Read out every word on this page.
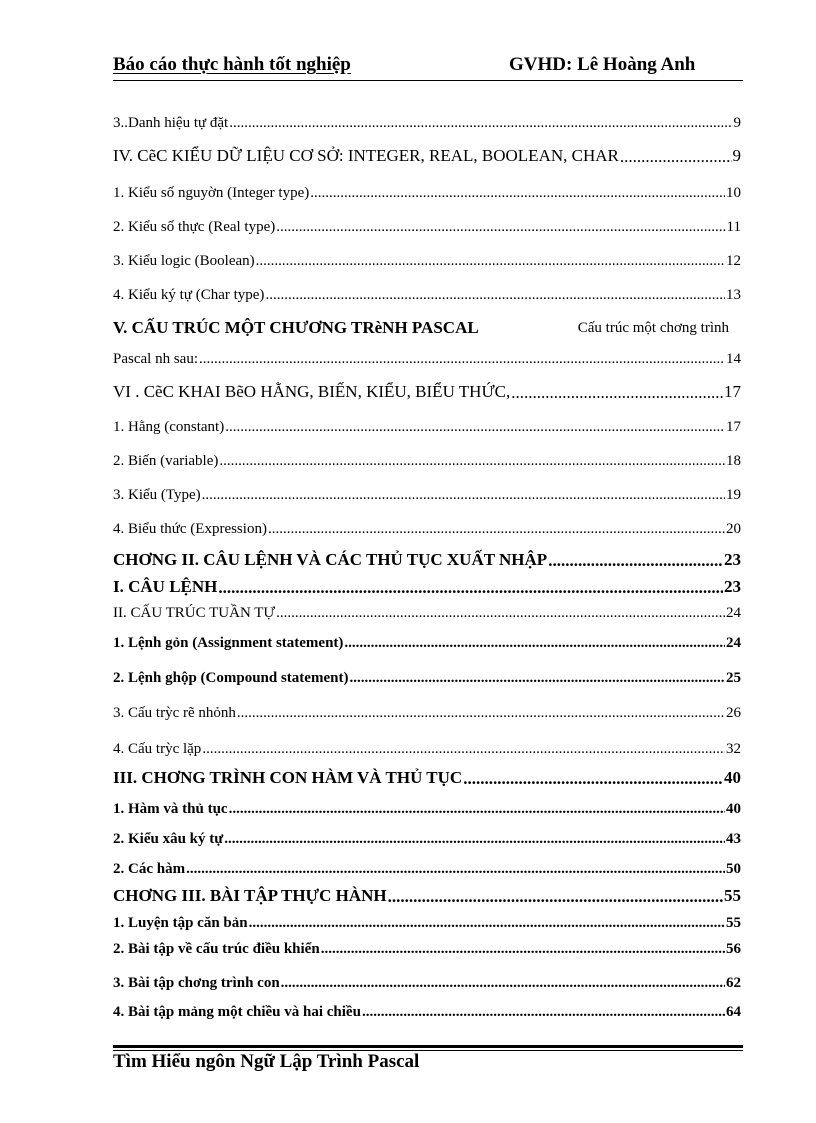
Báo cáo thực hành tốt nghiệp	GVHD: Lê Hoàng Anh
3..Danh hiệu tự đặt .....	9
IV. CẽC KIỂU DỮ LIỆU CƠ SỞ: INTEGER, REAL, BOOLEAN, CHAR .....	9
1. Kiểu số nguyờn (Integer type) .....	10
2. Kiểu số thực (Real type) .....	11
3. Kiểu logic (Boolean) .....	12
4. Kiểu ký tự (Char type) .....	13
V. CẤU TRÚC MỘT CHƯƠNG TRèNH PASCAL	Cấu trúc một chơng trình
Pascal nh sau: .....	14
VI . CẽC KHAI BẽO HẰNG, BIẾN, KIỂU, BIỂU THỨC, .....	17
1. Hằng (constant) .....	17
2. Biến (variable) .....	18
3. Kiểu (Type) .....	19
4. Biểu thức (Expression) .....	20
CHƠNG II. CÂU LỆNH VÀ CÁC THỦ TỤC XUẤT NHẬP .....	23
I. CÂU LỆNH .....	23
II. CẤU TRÚC TUẦN TỰ .....	24
1. Lệnh gỏn (Assignment statement) .....	24
2. Lệnh ghộp (Compound statement) .....	25
3. Cấu trỳc rẽ nhỏnh .....	26
4. Cấu trỳc lặp .....	32
III. CHƠNG TRÌNH CON HÀM VÀ THỦ TỤC .....	40
1. Hàm và thủ tục .....	40
2. Kiểu xâu ký tự .....	43
2. Các hàm .....	50
CHƠNG III. BÀI TẬP THỰC HÀNH .....	55
1. Luyện tập căn bản .....	55
2. Bài tập về cấu trúc điều khiển .....	56
3. Bài tập chơng trình con .....	62
4. Bài tập mảng một chiều và hai chiều .....	64
Tìm Hiểu ngôn Ngữ Lập Trình Pascal
